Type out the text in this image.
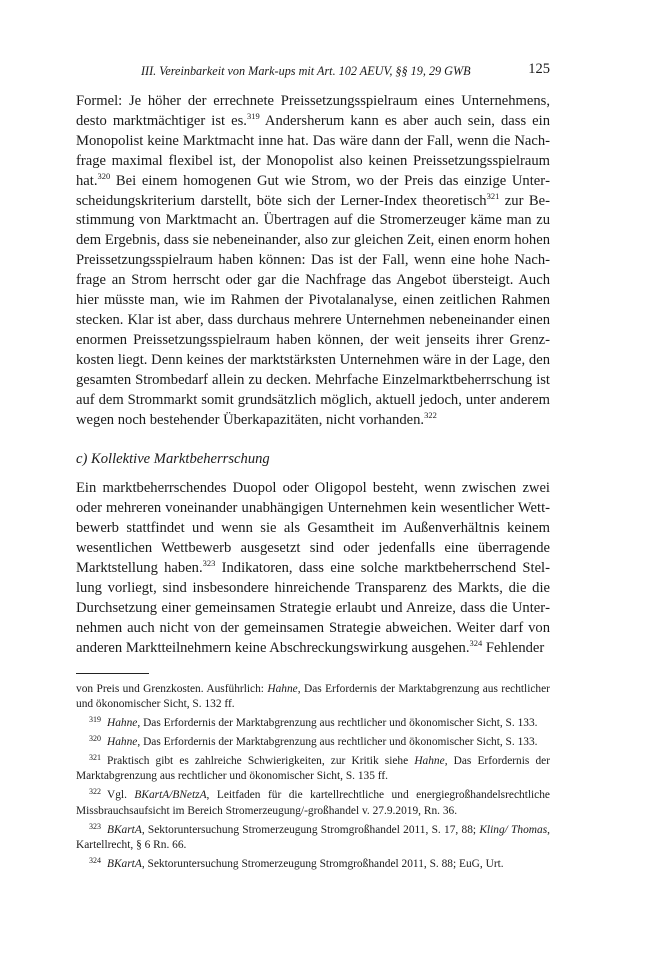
III. Vereinbarkeit von Mark-ups mit Art. 102 AEUV, §§ 19, 29 GWB	125

Formel: Je höher der errechnete Preissetzungsspielraum eines Unternehmens, desto marktmächtiger ist es.$^{319}$ Andersherum kann es aber auch sein, dass ein Monopolist keine Marktmacht inne hat. Das wäre dann der Fall, wenn die Nachfrage maximal flexibel ist, der Monopolist also keinen Preissetzungsspielraum hat.$^{320}$ Bei einem homogenen Gut wie Strom, wo der Preis das einzige Unterscheidungskriterium darstellt, böte sich der Lerner-Index theoretisch$^{321}$ zur Bestimmung von Marktmacht an. Übertragen auf die Stromerzeuger käme man zu dem Ergebnis, dass sie nebeneinander, also zur gleichen Zeit, einen enorm hohen Preissetzungsspielraum haben können: Das ist der Fall, wenn eine hohe Nachfrage an Strom herrscht oder gar die Nachfrage das Angebot übersteigt. Auch hier müsste man, wie im Rahmen der Pivotalanalyse, einen zeitlichen Rahmen stecken. Klar ist aber, dass durchaus mehrere Unternehmen nebeneinander einen enormen Preissetzungsspielraum haben können, der weit jenseits ihrer Grenzkosten liegt. Denn keines der marktstärksten Unternehmen wäre in der Lage, den gesamten Strombedarf allein zu decken. Mehrfache Einzelmarktbeherrschung ist auf dem Strommarkt somit grundsätzlich möglich, aktuell jedoch, unter anderem wegen noch bestehender Überkapazitäten, nicht vorhanden.$^{322}$

c) Kollektive Marktbeherrschung

Ein marktbeherrschendes Duopol oder Oligopol besteht, wenn zwischen zwei oder mehreren voneinander unabhängigen Unternehmen kein wesentlicher Wettbewerb stattfindet und wenn sie als Gesamtheit im Außenverhältnis keinem wesentlichen Wettbewerb ausgesetzt sind oder jedenfalls eine überragende Marktstellung haben.$^{323}$ Indikatoren, dass eine solche marktbeherrschend Stellung vorliegt, sind insbesondere hinreichende Transparenz des Markts, die die Durchsetzung einer gemeinsamen Strategie erlaubt und Anreize, dass die Unternehmen auch nicht von der gemeinsamen Strategie abweichen. Weiter darf von anderen Marktteilnehmern keine Abschreckungswirkung ausgehen.$^{324}$ Fehlender

von Preis und Grenzkosten. Ausführlich: Hahne, Das Erfordernis der Marktabgrenzung aus rechtlicher und ökonomischer Sicht, S. 132 ff.

$^{319}$ Hahne, Das Erfordernis der Marktabgrenzung aus rechtlicher und ökonomischer Sicht, S. 133.

$^{320}$ Hahne, Das Erfordernis der Marktabgrenzung aus rechtlicher und ökonomischer Sicht, S. 133.

$^{321}$ Praktisch gibt es zahlreiche Schwierigkeiten, zur Kritik siehe Hahne, Das Erfordernis der Marktabgrenzung aus rechtlicher und ökonomischer Sicht, S. 135 ff.

$^{322}$ Vgl. BKartA/BNetzA, Leitfaden für die kartellrechtliche und energiegroßhandelsrechtliche Missbrauchsaufsicht im Bereich Stromerzeugung/-großhandel v. 27.9.2019, Rn. 36.

$^{323}$ BKartA, Sektoruntersuchung Stromerzeugung Stromgroßhandel 2011, S. 17, 88; Kling/ Thomas, Kartellrecht, § 6 Rn. 66.

$^{324}$ BKartA, Sektoruntersuchung Stromerzeugung Stromgroßhandel 2011, S. 88; EuG, Urt.
